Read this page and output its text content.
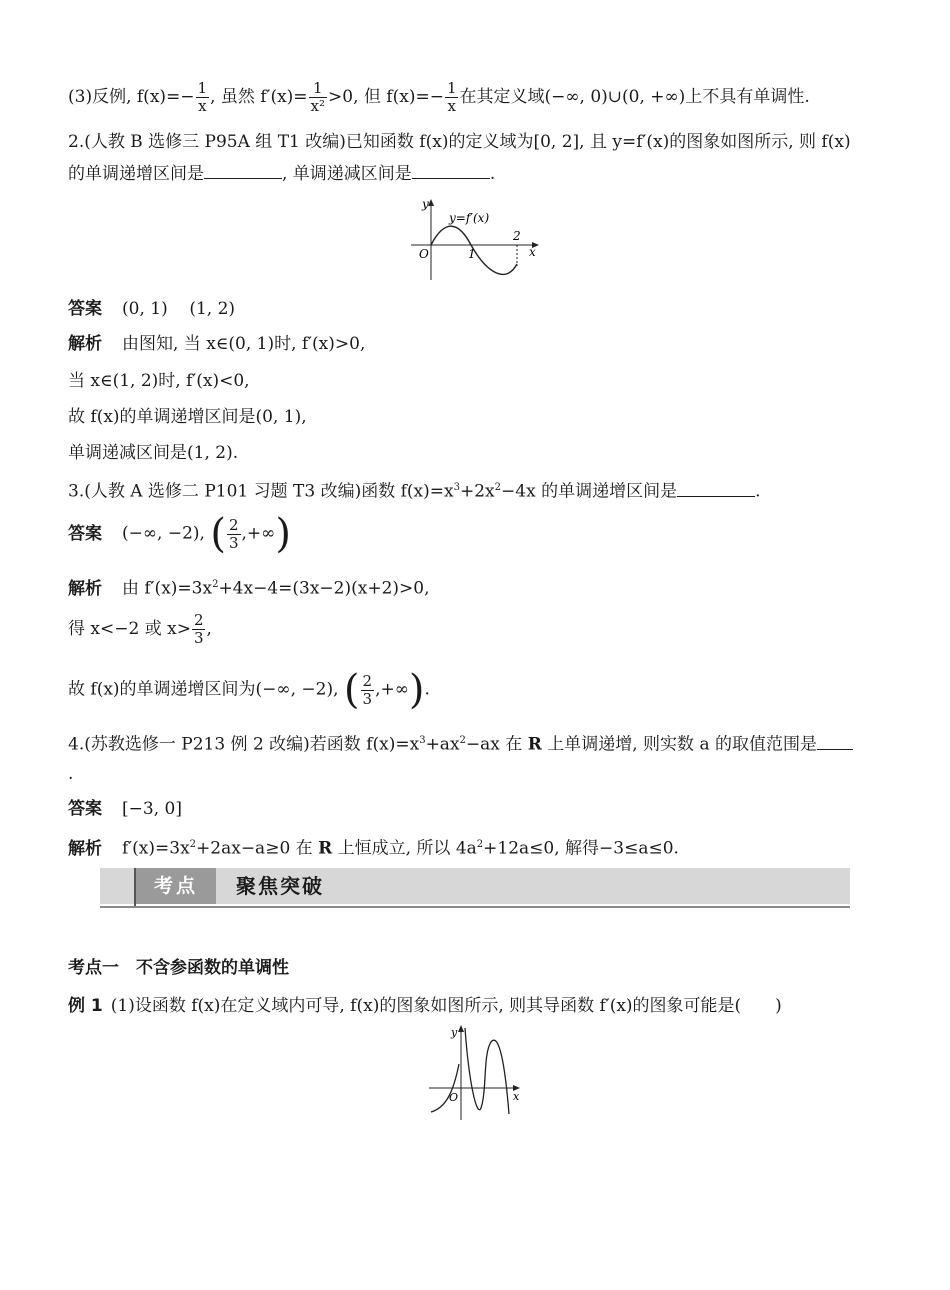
(3)反例, $f(x)=- \frac{1}{x}$ , 虽然 $f'(x)= \frac{1}{\text{x²}} >0$, 但 $f(x)=- \frac{1}{x}$ 在其定义域(−∞, 0)∪(0, +∞)上不具有单调性.
2.(人教 B 选修三 P95A 组 T1 改编)已知函数 f(x)的定义域为[0, 2], 且 y=f′(x)的图象如图所示, 则 f(x)
的单调递增区间是	, 单调递减区间是	.
y
x
O	1
2
y=f′(x)
答案 (0, 1)    (1, 2)
解析 由图知, 当 x∈(0, 1)时, f′(x)>0,
当 x∈(1, 2)时, f′(x)<0,
故 f(x)的单调递增区间是(0, 1),
单调递减区间是(1, 2).
3.(人教 A 选修二 P101 习题 T3 改编)函数 $f(x)=x^3+2x^2-4x$ 的单调递增区间是	.
答案 (−∞, −2), ( $\frac{2}{3}$ ,+∞)
解析 由 $f'(x)=3x^2+4x-4=(3x-2)(x+2)>0$,
得 x<−2 或 $x> \frac{2}{3}$ ,
故 f(x)的单调递增区间为(−∞, −2), ( $\frac{2}{3}$ ,+∞).
4.(苏教选修一 P213 例 2 改编)若函数 $f(x)=x^3+ax^2-ax$ 在 R 上单调递增, 则实数 a 的取值范围是
.
答案 [−3, 0]
解析 $f'(x)=3x^2+2ax-a\ge 0$ 在 R 上恒成立, 所以 $4a^2+12a\le 0$, 解得−3≤a≤0.
考点	聚焦突破
考点一　不含参函数的单调性
例 1 (1)设函数 f(x)在定义域内可导, f(x)的图象如图所示, 则其导函数 f′(x)的图象可能是(　　)
y
x
O
